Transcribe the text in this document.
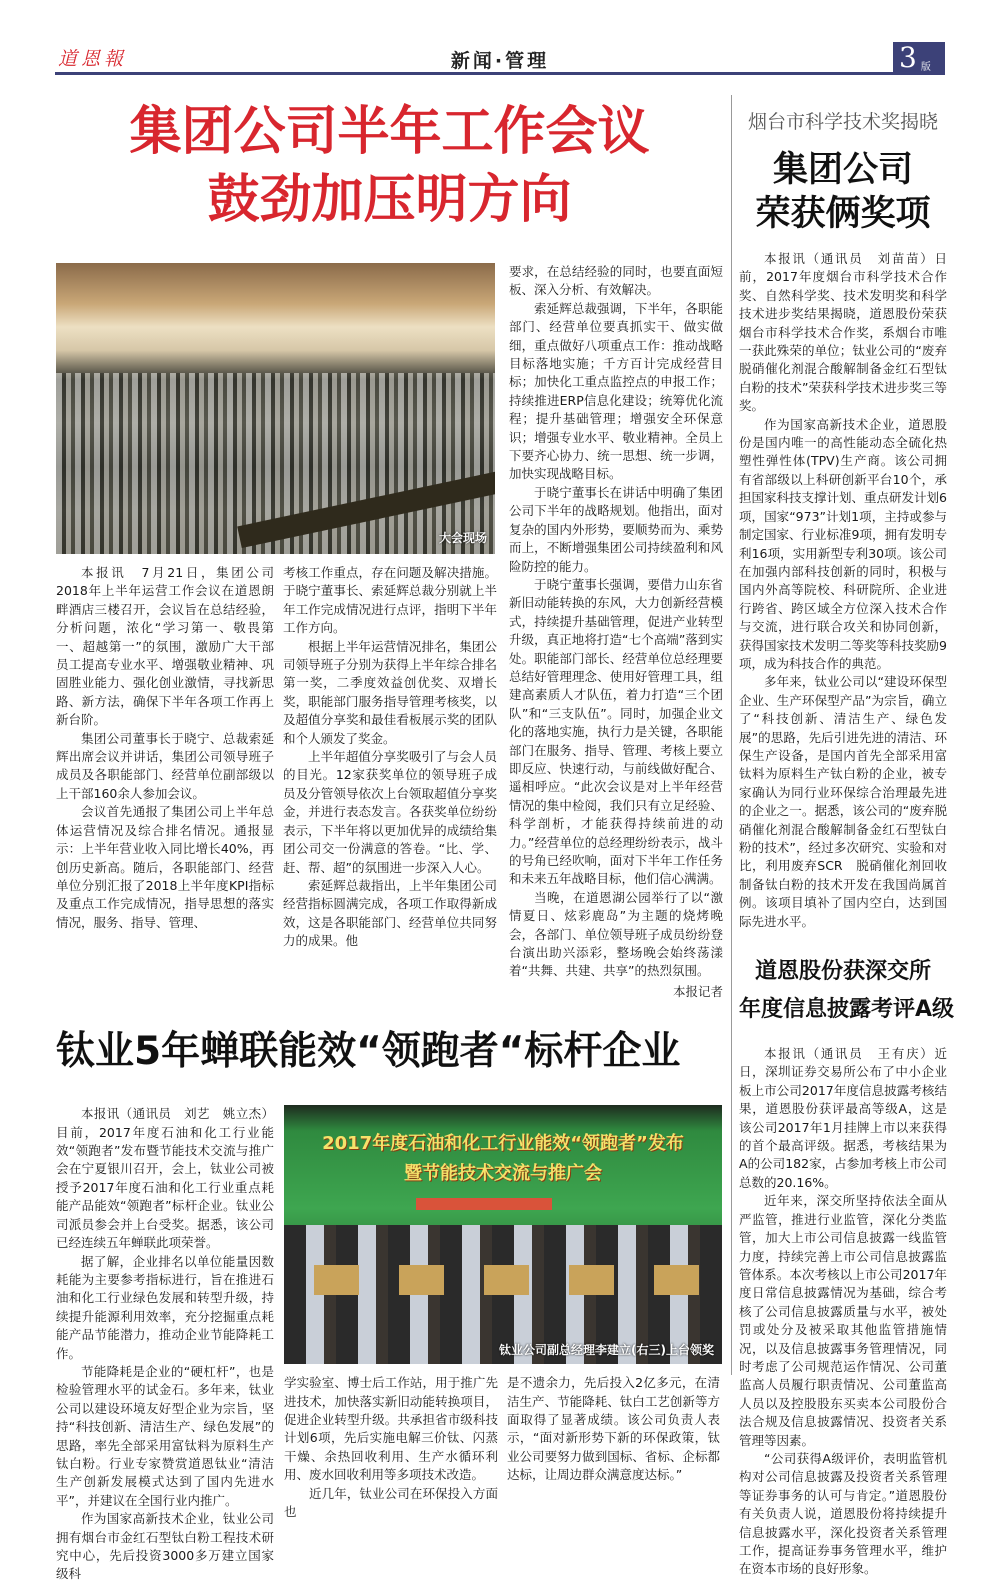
道恩報	新闻·管理	3 版
集团公司半年工作会议
鼓劲加压明方向
大会现场

本报讯　7月21日，集团公司2018年上半年运营工作会议在道恩朗畔酒店三楼召开，会议旨在总结经验，分析问题，浓化“学习第一、敬畏第一、超越第一”的氛围，激励广大干部员工提高专业水平、增强敬业精神、巩固胜业能力、强化创业激情，寻找新思路、新方法，确保下半年各项工作再上新台阶。

集团公司董事长于晓宁、总裁索延辉出席会议并讲话，集团公司领导班子成员及各职能部门、经营单位副部级以上干部160余人参加会议。

会议首先通报了集团公司上半年总体运营情况及综合排名情况。通报显示：上半年营业收入同比增长40%，再创历史新高。随后，各职能部门、经营单位分别汇报了2018上半年度KPI指标及重点工作完成情况，指导思想的落实情况，服务、指导、管理、

考核工作重点，存在问题及解决措施。于晓宁董事长、索延辉总裁分别就上半年工作完成情况进行点评，指明下半年工作方向。

根据上半年运营情况排名，集团公司领导班子分别为获得上半年综合排名第一奖，二季度效益创优奖、双增长奖，职能部门服务指导管理考核奖，以及超值分享奖和最佳看板展示奖的团队和个人颁发了奖金。

上半年超值分享奖吸引了与会人员的目光。12家获奖单位的领导班子成员及分管领导依次上台领取超值分享奖金，并进行表态发言。各获奖单位纷纷表示，下半年将以更加优异的成绩给集团公司交一份满意的答卷。“比、学、赶、帮、超”的氛围进一步深入人心。

索延辉总裁指出，上半年集团公司经营指标圆满完成，各项工作取得新成效，这是各职能部门、经营单位共同努力的成果。他

要求，在总结经验的同时，也要直面短板、深入分析、有效解决。

索延辉总裁强调，下半年，各职能部门、经营单位要真抓实干、做实做细，重点做好八项重点工作：推动战略目标落地实施；千方百计完成经营目标；加快化工重点监控点的申报工作；持续推进ERP信息化建设；统筹优化流程；提升基础管理；增强安全环保意识；增强专业水平、敬业精神。全员上下要齐心协力、统一思想、统一步调，加快实现战略目标。

于晓宁董事长在讲话中明确了集团公司下半年的战略规划。他指出，面对复杂的国内外形势，要顺势而为、乘势而上，不断增强集团公司持续盈利和风险防控的能力。

于晓宁董事长强调，要借力山东省新旧动能转换的东风，大力创新经营模式，持续提升基础管理，促进产业转型升级，真正地将打造“七个高端”落到实处。职能部门部长、经营单位总经理要总结好管理理念、使用好管理工具，组建高素质人才队伍，着力打造“三个团队”和“三支队伍”。同时，加强企业文化的落地实施，执行力是关键，各职能部门在服务、指导、管理、考核上要立即反应、快速行动，与前线做好配合、遥相呼应。“此次会议是对上半年经营情况的集中检阅，我们只有立足经验、科学剖析，才能获得持续前进的动力。”经营单位的总经理纷纷表示，战斗的号角已经吹响，面对下半年工作任务和未来五年战略目标，他们信心满满。

当晚，在道恩湖公园举行了以“激情夏日、炫彩鹿岛”为主题的烧烤晚会，各部门、单位领导班子成员纷纷登台演出助兴添彩，整场晚会始终荡漾着“共舞、共建、共享”的热烈氛围。

本报记者
钛业5年蝉联能效“领跑者“标杆企业

本报讯（通讯员　刘艺　姚立杰）目前，2017年度石油和化工行业能效“领跑者”发布暨节能技术交流与推广会在宁夏银川召开，会上，钛业公司被授予2017年度石油和化工行业重点耗能产品能效“领跑者”标杆企业。钛业公司派员参会并上台受奖。据悉，该公司已经连续五年蝉联此项荣誉。

据了解，企业排名以单位能量因数耗能为主要参考指标进行，旨在推进石油和化工行业绿色发展和转型升级，持续提升能源利用效率，充分挖掘重点耗能产品节能潜力，推动企业节能降耗工作。

节能降耗是企业的“硬杠杆”，也是检验管理水平的试金石。多年来，钛业公司以建设环境友好型企业为宗旨，坚持“科技创新、清洁生产、绿色发展”的思路，率先全部采用富钛料为原料生产钛白粉。行业专家赞赏道恩钛业“清洁生产创新发展模式达到了国内先进水平”，并建议在全国行业内推广。

作为国家高新技术企业，钛业公司拥有烟台市金红石型钛白粉工程技术研究中心，先后投资3000多万建立国家级科

2017年度石油和化工行业能效“领跑者”发布
暨节能技术交流与推广会
钛业公司副总经理李建立(右三)上台领奖

学实验室、博士后工作站，用于推广先进技术，加快落实新旧动能转换项目，促进企业转型升级。共承担省市级科技计划6项，先后实施电解三价钛、闪蒸干燥、余热回收利用、生产水循环利用、废水回收利用等多项技术改造。

近几年，钛业公司在环保投入方面也

是不遗余力，先后投入2亿多元，在清洁生产、节能降耗、钛白工艺创新等方面取得了显著成绩。该公司负责人表示，“面对新形势下新的环保政策，钛业公司要努力做到国标、省标、企标都达标，让周边群众满意度达标。”

烟台市科学技术奖揭晓
集团公司
荣获俩奖项

本报讯（通讯员　刘苗苗）日前，2017年度烟台市科学技术合作奖、自然科学奖、技术发明奖和科学技术进步奖结果揭晓，道恩股份荣获烟台市科学技术合作奖，系烟台市唯一获此殊荣的单位；钛业公司的“废弃脱硝催化剂混合酸解制备金红石型钛白粉的技术”荣获科学技术进步奖三等奖。

作为国家高新技术企业，道恩股份是国内唯一的高性能动态全硫化热塑性弹性体(TPV)生产商。该公司拥有省部级以上科研创新平台10个，承担国家科技支撑计划、重点研发计划6项，国家“973”计划1项，主持或参与制定国家、行业标准9项，拥有发明专利16项，实用新型专利30项。该公司在加强内部科技创新的同时，积极与国内外高等院校、科研院所、企业进行跨省、跨区域全方位深入技术合作与交流，进行联合攻关和协同创新，获得国家技术发明二等奖等科技奖励9项，成为科技合作的典范。

多年来，钛业公司以“建设环保型企业、生产环保型产品”为宗旨，确立了“科技创新、清洁生产、绿色发展”的思路，先后引进先进的清洁、环保生产设备，是国内首先全部采用富钛料为原料生产钛白粉的企业，被专家确认为同行业环保综合治理最先进的企业之一。据悉，该公司的“废弃脱硝催化剂混合酸解制备金红石型钛白粉的技术”，经过多次研究、实验和对比，利用废弃SCR　脱硝催化剂回收制备钛白粉的技术开发在我国尚属首例。该项目填补了国内空白，达到国际先进水平。

道恩股份获深交所
年度信息披露考评A级

本报讯（通讯员　王有庆）近日，深圳证券交易所公布了中小企业板上市公司2017年度信息披露考核结果，道恩股份获评最高等级A，这是该公司2017年1月挂牌上市以来获得的首个最高评级。据悉，考核结果为A的公司182家，占参加考核上市公司总数的20.16%。

近年来，深交所坚持依法全面从严监管，推进行业监管，深化分类监管，加大上市公司信息披露一线监管力度，持续完善上市公司信息披露监管体系。本次考核以上市公司2017年度日常信息披露情况为基础，综合考核了公司信息披露质量与水平，被处罚或处分及被采取其他监管措施情况，以及信息披露事务管理情况，同时考虑了公司规范运作情况、公司董监高人员履行职责情况、公司董监高人员以及控股股东买卖本公司股份合法合规及信息披露情况、投资者关系管理等因素。

“公司获得A级评价，表明监管机构对公司信息披露及投资者关系管理等证券事务的认可与肯定。”道恩股份有关负责人说，道恩股份将持续提升信息披露水平，深化投资者关系管理工作，提高证券事务管理水平，维护在资本市场的良好形象。
